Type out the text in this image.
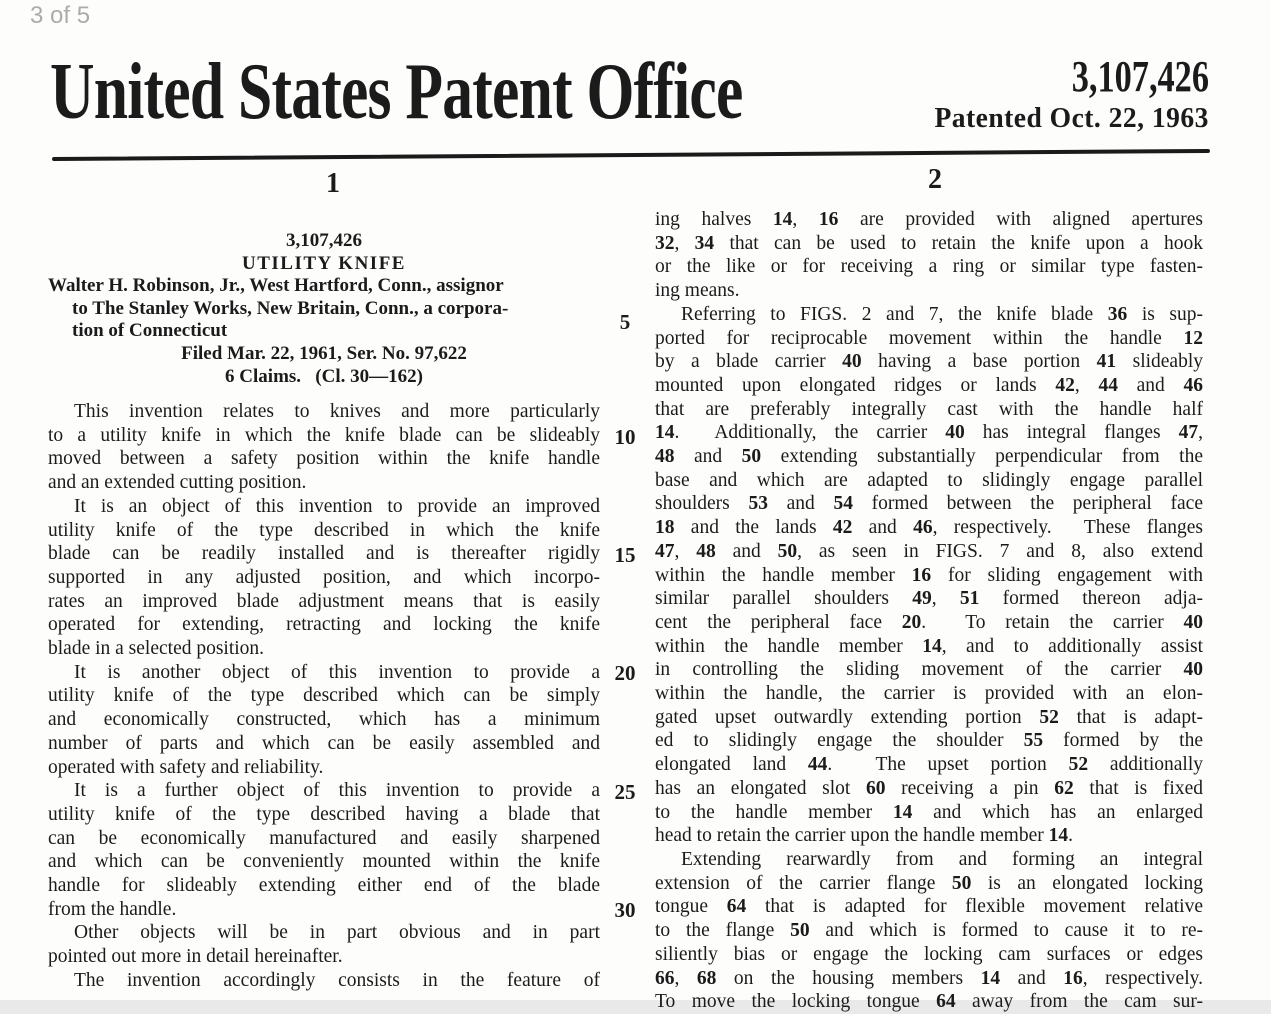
3 of 5
United States Patent Office	3,107,426
Patented Oct. 22, 1963
1	2
3,107,426
UTILITY KNIFE
Walter H. Robinson, Jr., West Hartford, Conn., assignor
to The Stanley Works, New Britain, Conn., a corpora-
tion of Connecticut
Filed Mar. 22, 1961, Ser. No. 97,622
6 Claims.   (Cl. 30—162)
This invention relates to knives and more particularly
to a utility knife in which the knife blade can be slideably
moved between a safety position within the knife handle
and an extended cutting position.
It is an object of this invention to provide an improved
utility knife of the type described in which the knife
blade can be readily installed and is thereafter rigidly
supported in any adjusted position, and which incorpo-
rates an improved blade adjustment means that is easily
operated for extending, retracting and locking the knife
blade in a selected position.
It is another object of this invention to provide a
utility knife of the type described which can be simply
and economically constructed, which has a minimum
number of parts and which can be easily assembled and
operated with safety and reliability.
It is a further object of this invention to provide a
utility knife of the type described having a blade that
can be economically manufactured and easily sharpened
and which can be conveniently mounted within the knife
handle for slideably extending either end of the blade
from the handle.
Other objects will be in part obvious and in part
pointed out more in detail hereinafter.
The invention accordingly consists in the feature of
ing halves 14, 16 are provided with aligned apertures
32, 34 that can be used to retain the knife upon a hook
or the like or for receiving a ring or similar type fasten-
ing means.
Referring to FIGS. 2 and 7, the knife blade 36 is sup-
ported for reciprocable movement within the handle 12
by a blade carrier 40 having a base portion 41 slideably
mounted upon elongated ridges or lands 42, 44 and 46
that are preferably integrally cast with the handle half
14.  Additionally, the carrier 40 has integral flanges 47,
48 and 50 extending substantially perpendicular from the
base and which are adapted to slidingly engage parallel
shoulders 53 and 54 formed between the peripheral face
18 and the lands 42 and 46, respectively.  These flanges
47, 48 and 50, as seen in FIGS. 7 and 8, also extend
within the handle member 16 for sliding engagement with
similar parallel shoulders 49, 51 formed thereon adja-
cent the peripheral face 20.  To retain the carrier 40
within the handle member 14, and to additionally assist
in controlling the sliding movement of the carrier 40
within the handle, the carrier is provided with an elon-
gated upset outwardly extending portion 52 that is adapt-
ed to slidingly engage the shoulder 55 formed by the
elongated land 44.  The upset portion 52 additionally
has an elongated slot 60 receiving a pin 62 that is fixed
to the handle member 14 and which has an enlarged
head to retain the carrier upon the handle member 14.
Extending rearwardly from and forming an integral
extension of the carrier flange 50 is an elongated locking
tongue 64 that is adapted for flexible movement relative
to the flange 50 and which is formed to cause it to re-
siliently bias or engage the locking cam surfaces or edges
66, 68 on the housing members 14 and 16, respectively.
To move the locking tongue 64 away from the cam sur-
5
10
15
20
25
30
